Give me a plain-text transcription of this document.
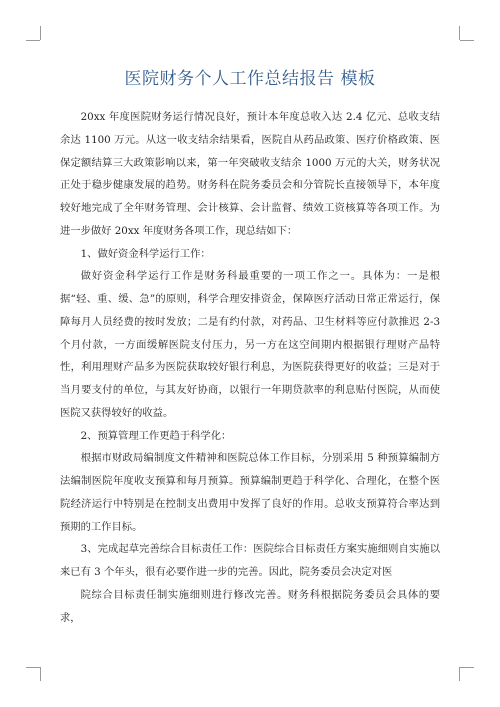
医院财务个人工作总结报告 模板

20xx 年度医院财务运行情况良好，预计本年度总收入达 2.4 亿元、总收支结余达 1100 万元。从这一收支结余结果看，医院自从药品政策、医疗价格政策、医保定额结算三大政策影响以来，第一年突破收支结余 1000 万元的大关，财务状况正处于稳步健康发展的趋势。财务科在院务委员会和分管院长直接领导下，本年度较好地完成了全年财务管理、会计核算、会计监督、绩效工资核算等各项工作。为进一步做好 20xx 年度财务各项工作，现总结如下：

1、做好资金科学运行工作：

做好资金科学运行工作是财务科最重要的一项工作之一。具体为：一是根据“轻、重、缓、急”的原则，科学合理安排资金，保障医疗活动日常正常运行，保障每月人员经费的按时发放；二是有约付款，对药品、卫生材料等应付款推迟 2-3 个月付款，一方面缓解医院支付压力，另一方在这空间期内根据银行理财产品特性，利用理财产品多为医院获取较好银行利息，为医院获得更好的收益；三是对于当月要支付的单位，与其友好协商，以银行一年期贷款率的利息贴付医院，从而使医院又获得较好的收益。

2、预算管理工作更趋于科学化：

根据市财政局编制度文件精神和医院总体工作目标，分别采用 5 种预算编制方法编制医院年度收支预算和每月预算。预算编制更趋于科学化、合理化，在整个医院经济运行中特别是在控制支出费用中发挥了良好的作用。总收支预算符合率达到预期的工作目标。

3、完成起草完善综合目标责任工作：医院综合目标责任方案实施细则自实施以来已有 3 个年头，很有必要作进一步的完善。因此，院务委员会决定对医

院综合目标责任制实施细则进行修改完善。财务科根据院务委员会具体的要求，
